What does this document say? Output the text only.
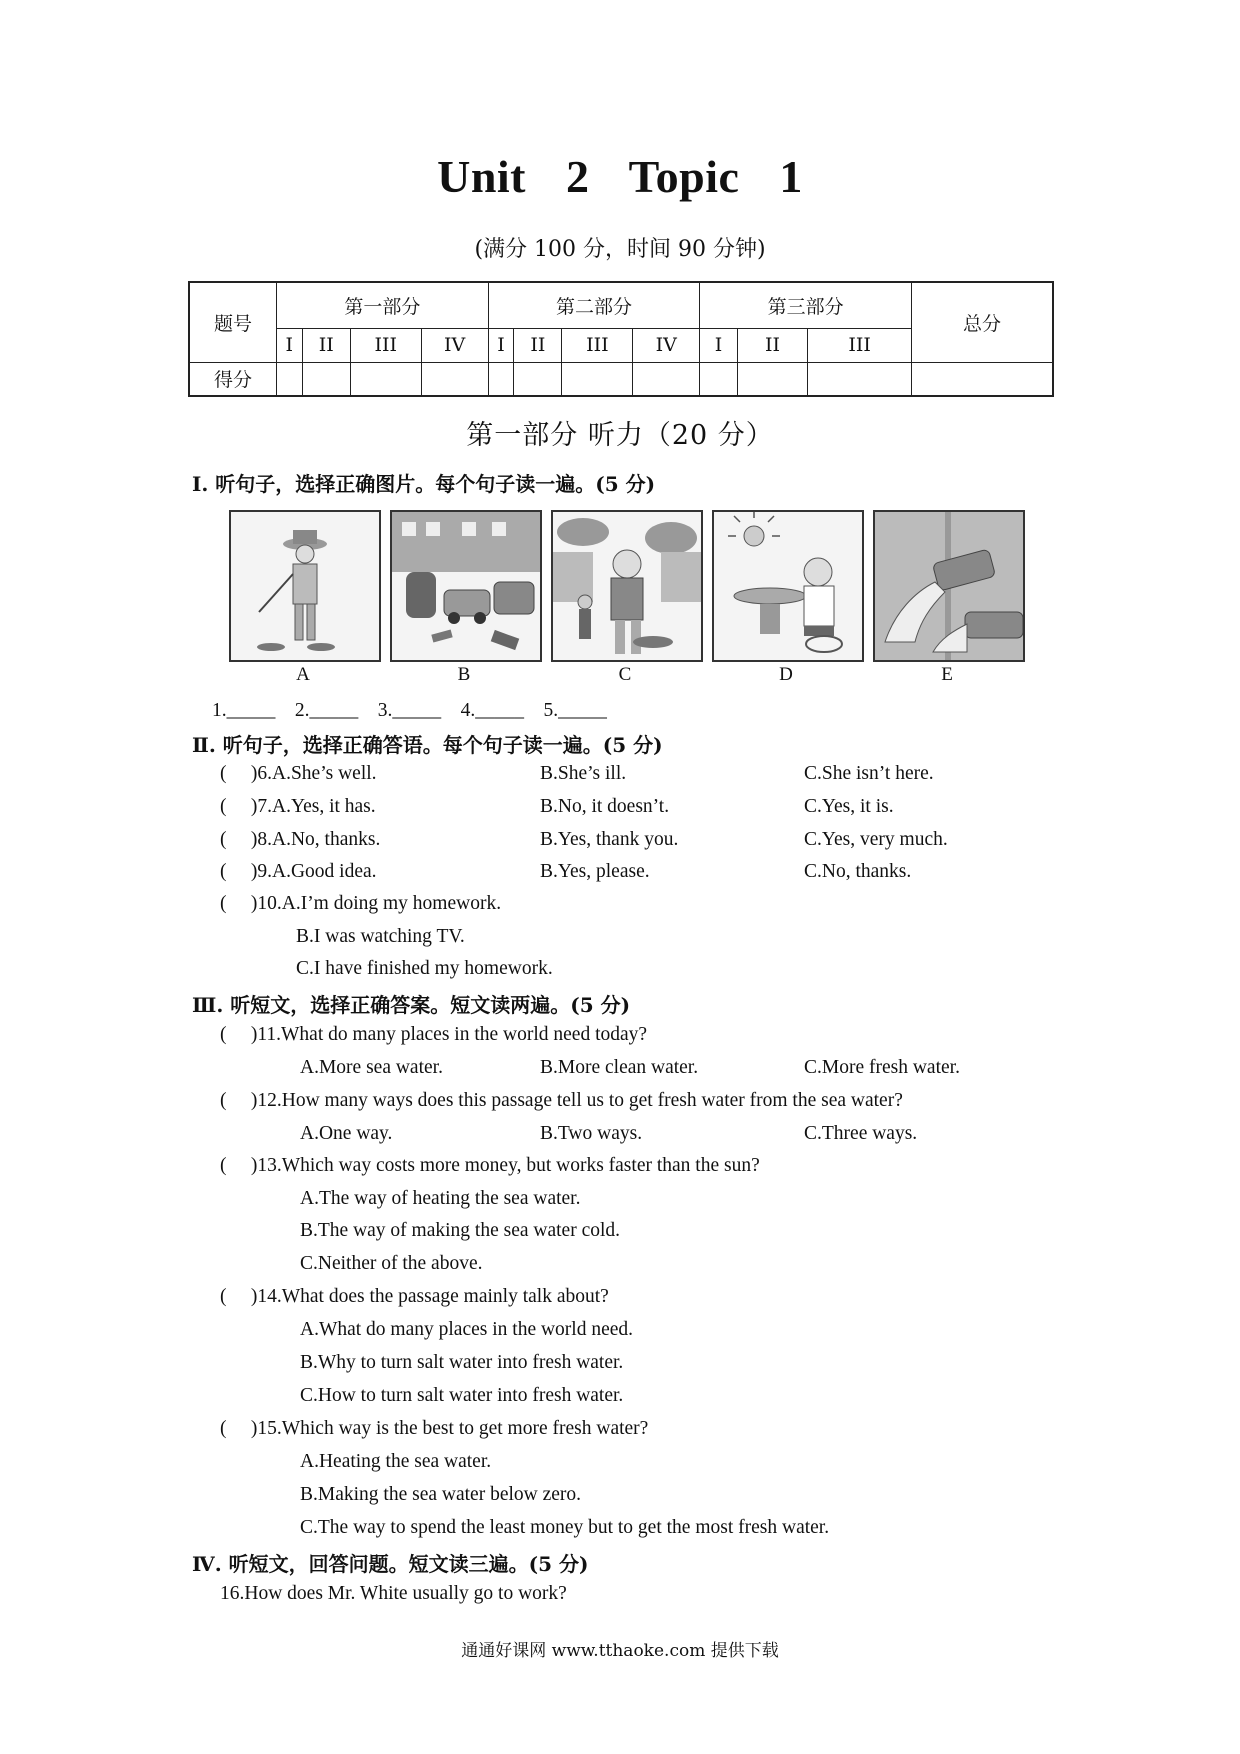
Unit 2 Topic 1
(满分 100 分，时间 90 分钟)
题号	第一部分				第二部分				第三部分			总分
	I	II	III	IV	I	II	III	IV	I	II	III	
得分												
第一部分 听力（20 分）
Ⅰ. 听句子，选择正确图片。每个句子读一遍。(5 分)
A	B	C	D	E
1._____    2._____    3._____    4._____    5._____
Ⅱ. 听句子，选择正确答语。每个句子读一遍。(5 分)
(     )6.A.She’s well.	B.She’s ill.	C.She isn’t here.
(     )7.A.Yes, it has.	B.No, it doesn’t.	C.Yes, it is.
(     )8.A.No, thanks.	B.Yes, thank you.	C.Yes, very much.
(     )9.A.Good idea.	B.Yes, please.	C.No, thanks.
(     )10.A.I’m doing my homework.
B.I was watching TV.
C.I have finished my homework.
Ⅲ. 听短文，选择正确答案。短文读两遍。(5 分)
(     )11.What do many places in the world need today?
A.More sea water.	B.More clean water.	C.More fresh water.
(     )12.How many ways does this passage tell us to get fresh water from the sea water?
A.One way.	B.Two ways.	C.Three ways.
(     )13.Which way costs more money, but works faster than the sun?
A.The way of heating the sea water.
B.The way of making the sea water cold.
C.Neither of the above.
(     )14.What does the passage mainly talk about?
A.What do many places in the world need.
B.Why to turn salt water into fresh water.
C.How to turn salt water into fresh water.
(     )15.Which way is the best to get more fresh water?
A.Heating the sea water.
B.Making the sea water below zero.
C.The way to spend the least money but to get the most fresh water.
Ⅳ. 听短文，回答问题。短文读三遍。(5 分)
16.How does Mr. White usually go to work?
通通好课网 www.tthaoke.com 提供下载
